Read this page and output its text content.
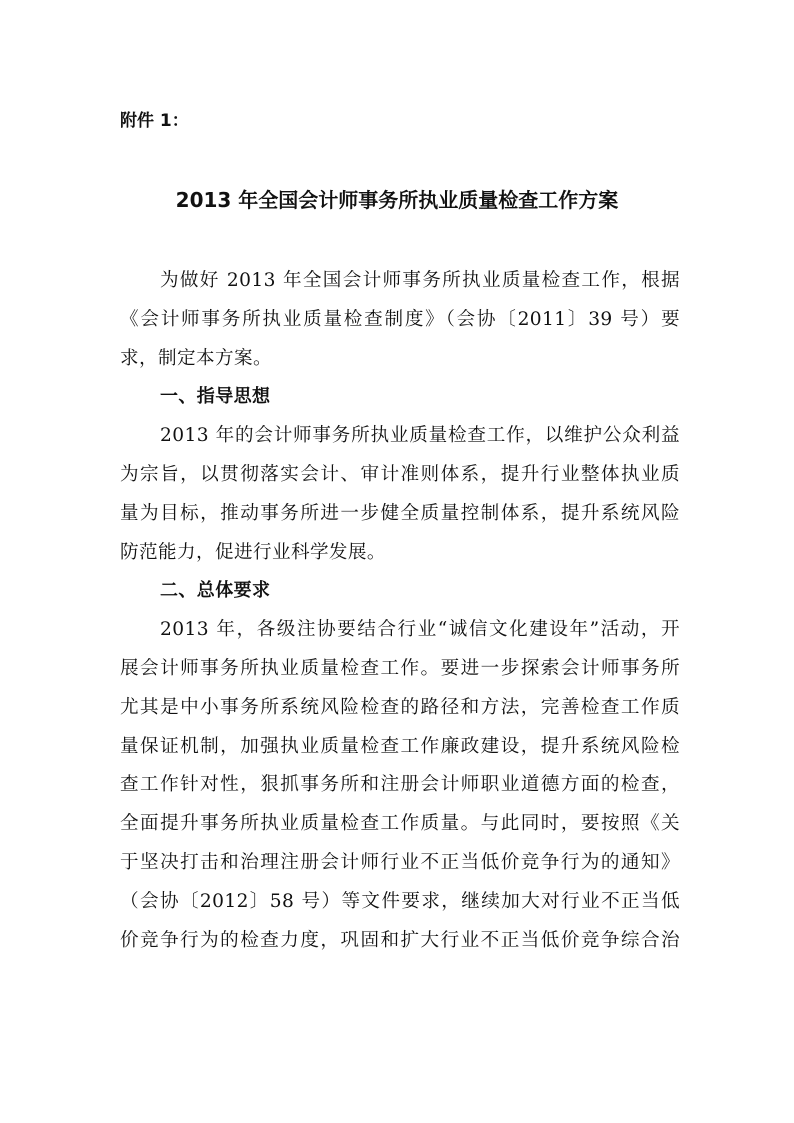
附件 1：
2013 年全国会计师事务所执业质量检查工作方案
为做好 2013 年全国会计师事务所执业质量检查工作，根据
《会计师事务所执业质量检查制度》（会协〔2011〕39 号）要
求，制定本方案。
一、指导思想
2013 年的会计师事务所执业质量检查工作，以维护公众利益
为宗旨，以贯彻落实会计、审计准则体系，提升行业整体执业质
量为目标，推动事务所进一步健全质量控制体系，提升系统风险
防范能力，促进行业科学发展。
二、总体要求
2013 年，各级注协要结合行业“诚信文化建设年”活动，开
展会计师事务所执业质量检查工作。要进一步探索会计师事务所
尤其是中小事务所系统风险检查的路径和方法，完善检查工作质
量保证机制，加强执业质量检查工作廉政建设，提升系统风险检
查工作针对性，狠抓事务所和注册会计师职业道德方面的检查，
全面提升事务所执业质量检查工作质量。与此同时，要按照《关
于坚决打击和治理注册会计师行业不正当低价竞争行为的通知》
（会协〔2012〕58 号）等文件要求，继续加大对行业不正当低
价竞争行为的检查力度，巩固和扩大行业不正当低价竞争综合治
